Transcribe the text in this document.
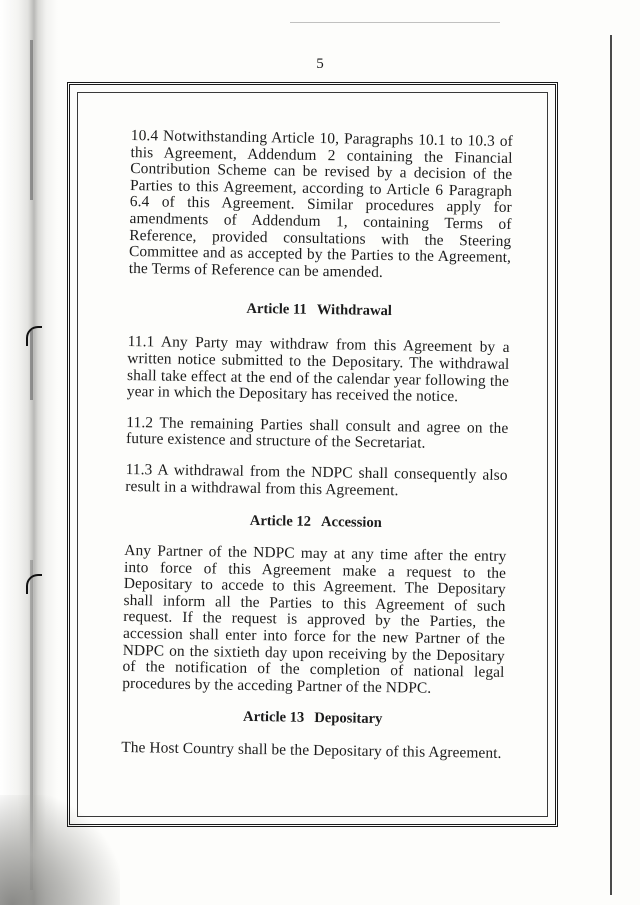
5

10.4 Notwithstanding Article 10, Paragraphs 10.1 to 10.3 of this Agreement, Addendum 2 containing the Financial Contribution Scheme can be revised by a decision of the Parties to this Agreement, according to Article 6 Paragraph 6.4 of this Agreement. Similar procedures apply for amendments of Addendum 1, containing Terms of Reference, provided consultations with the Steering Committee and as accepted by the Parties to the Agreement, the Terms of Reference can be amended.

Article 11 Withdrawal

11.1 Any Party may withdraw from this Agreement by a written notice submitted to the Depositary. The withdrawal shall take effect at the end of the calendar year following the year in which the Depositary has received the notice.

11.2 The remaining Parties shall consult and agree on the future existence and structure of the Secretariat.

11.3 A withdrawal from the NDPC shall consequently also result in a withdrawal from this Agreement.

Article 12 Accession

Any Partner of the NDPC may at any time after the entry into force of this Agreement make a request to the Depositary to accede to this Agreement. The Depositary shall inform all the Parties to this Agreement of such request. If the request is approved by the Parties, the accession shall enter into force for the new Partner of the NDPC on the sixtieth day upon receiving by the Depositary of the notification of the completion of national legal procedures by the acceding Partner of the NDPC.

Article 13 Depositary

The Host Country shall be the Depositary of this Agreement.
